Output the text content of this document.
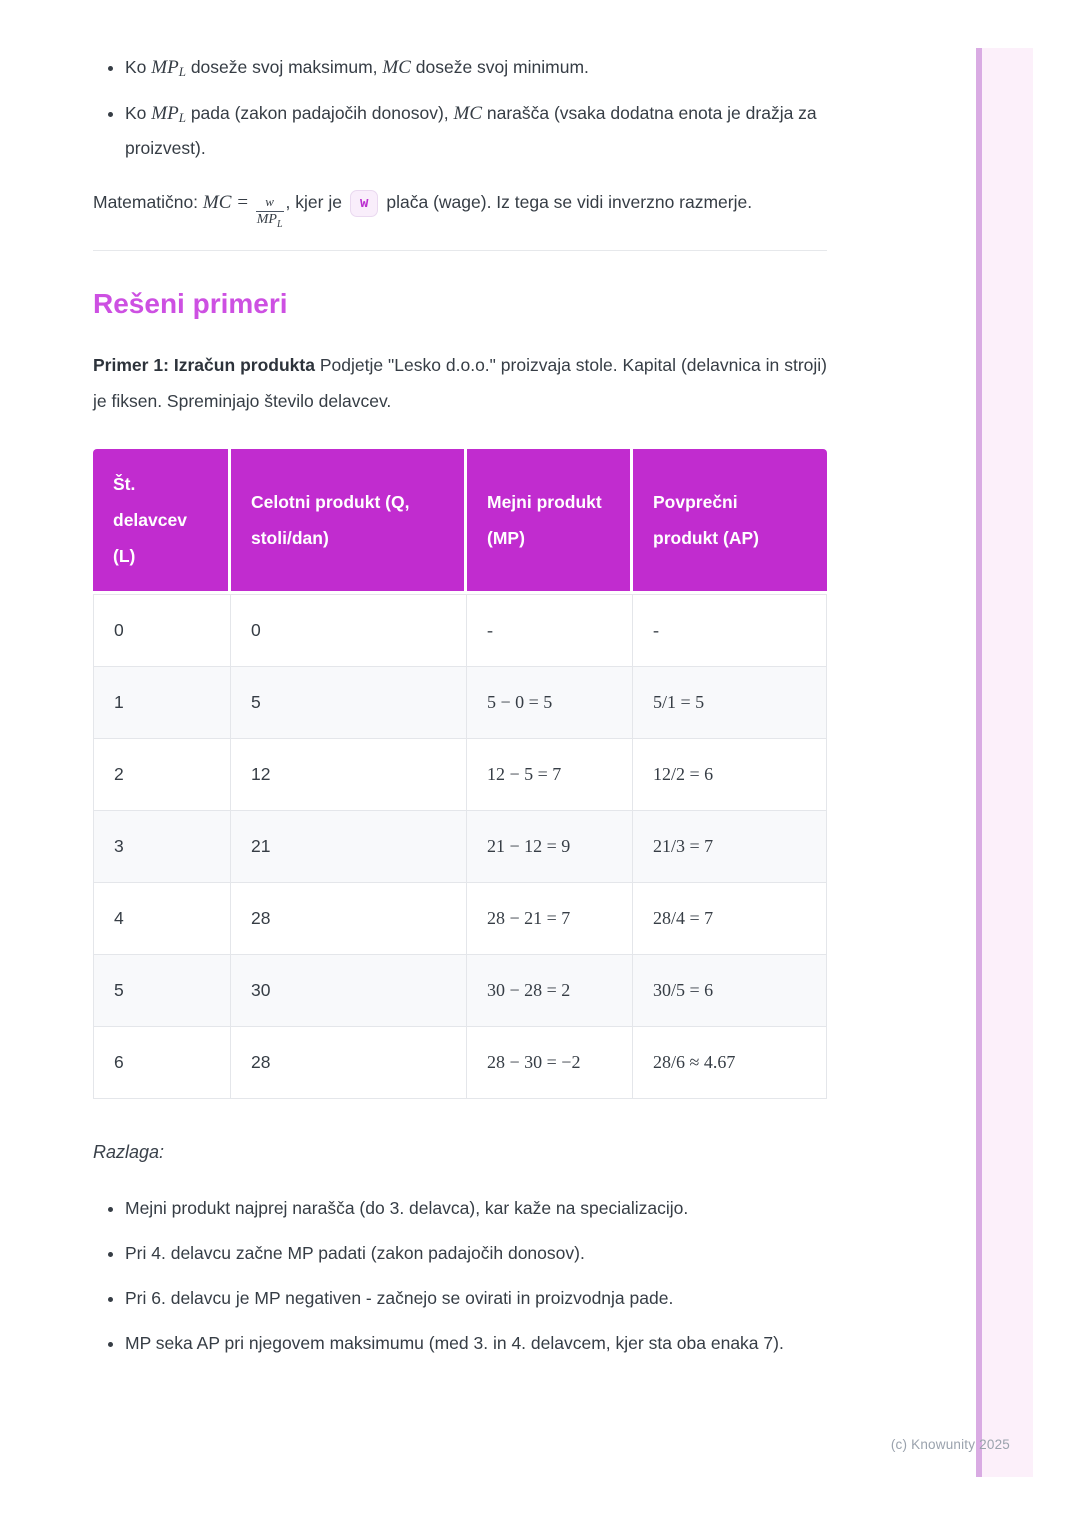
• Ko $MP_L$ doseže svoj maksimum, MC doseže svoj minimum.
• Ko $MP_L$ pada (zakon padajočih donosov), MC narašča (vsaka dodatna enota je dražja za proizvest).

Matematično: MC = $\frac{w}{MP_L}$ , kjer je w plača (wage). Iz tega se vidi inverzno razmerje.

Rešeni primeri

Primer 1: Izračun produkta Podjetje "Lesko d.o.o." proizvaja stole. Kapital (delavnica in stroji) je fiksen. Spreminjajo število delavcev.

Št. delavcev (L)	Celotni produkt (Q, stoli/dan)	Mejni produkt (MP)	Povprečni produkt (AP)
0	0	-	-
1	5	5 − 0 = 5	5/1 = 5
2	12	12 − 5 = 7	12/2 = 6
3	21	21 − 12 = 9	21/3 = 7
4	28	28 − 21 = 7	28/4 = 7
5	30	30 − 28 = 2	30/5 = 6
6	28	28 − 30 = −2	28/6 ≈ 4.67

Razlaga:

• Mejni produkt najprej narašča (do 3. delavca), kar kaže na specializacijo.
• Pri 4. delavcu začne MP padati (zakon padajočih donosov).
• Pri 6. delavcu je MP negativen - začnejo se ovirati in proizvodnja pade.
• MP seka AP pri njegovem maksimumu (med 3. in 4. delavcem, kjer sta oba enaka 7).
(c) Knowunity 2025
